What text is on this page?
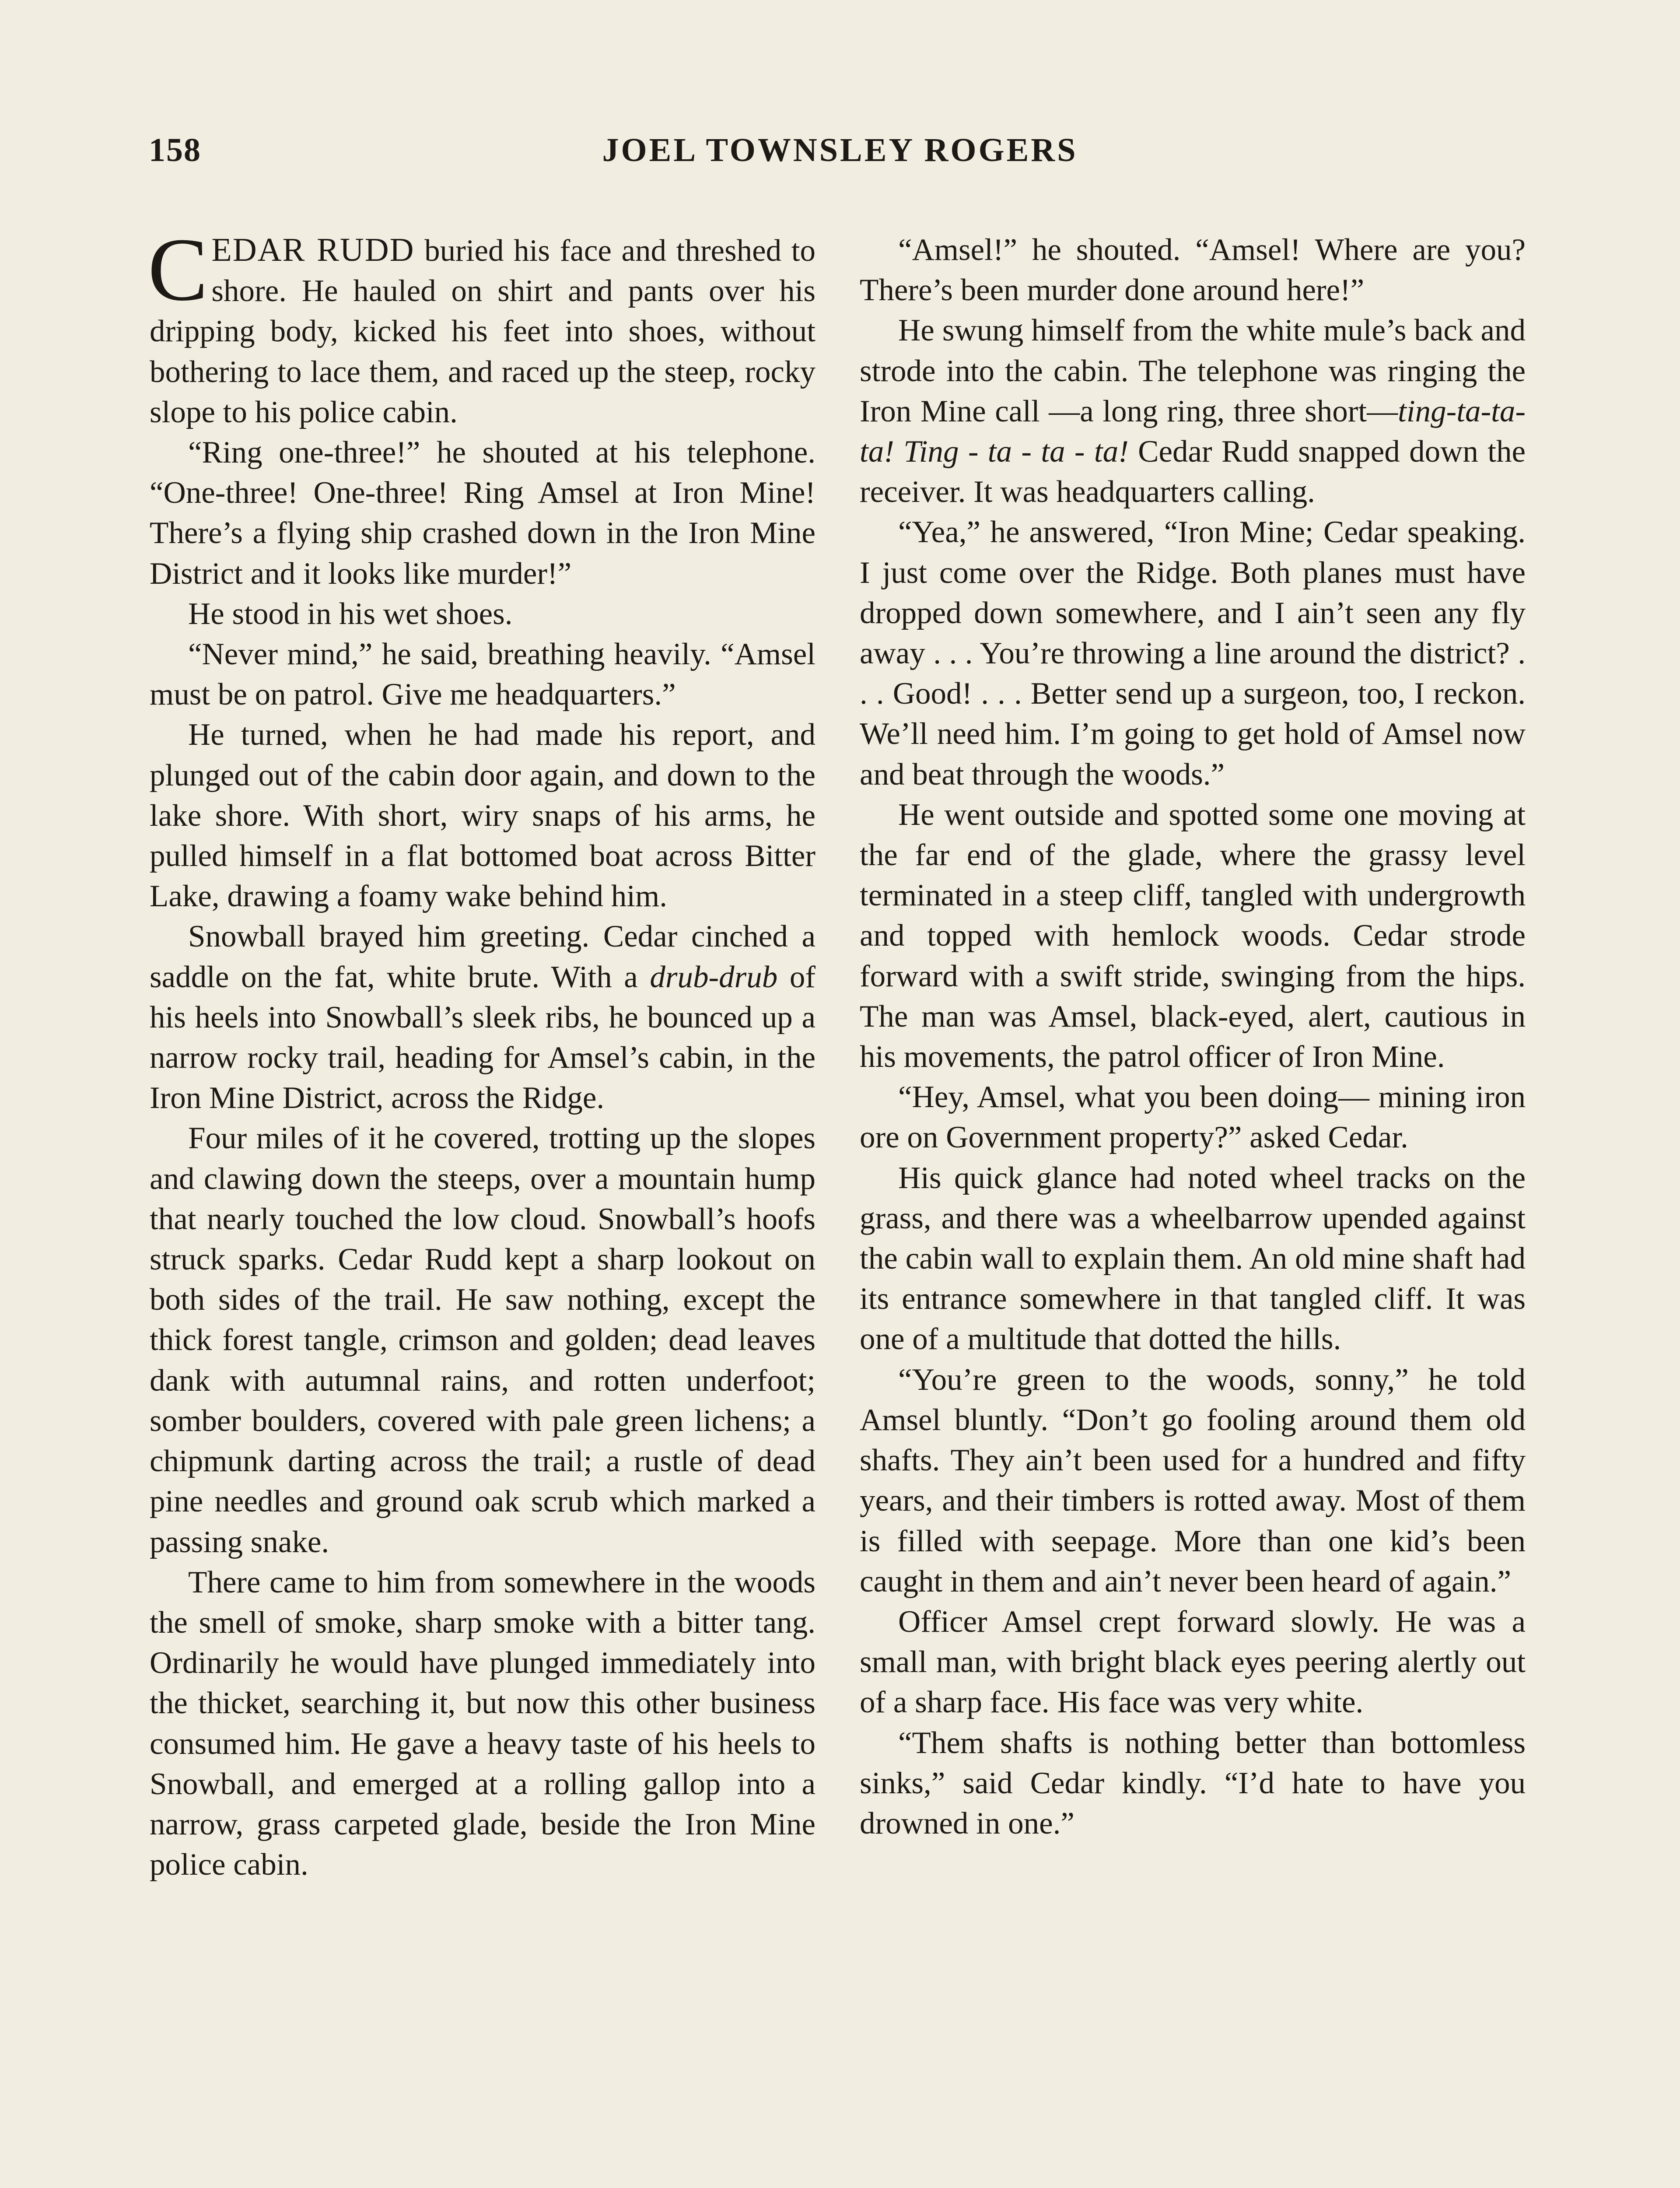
158	JOEL TOWNSLEY ROGERS

CEDAR RUDD buried his face and threshed to shore. He hauled on shirt and pants over his dripping body, kicked his feet into shoes, without bothering to lace them, and raced up the steep, rocky slope to his police cabin.

“Ring one-three!” he shouted at his telephone. “One-three! One-three! Ring Amsel at Iron Mine! There’s a flying ship crashed down in the Iron Mine District and it looks like murder!”

He stood in his wet shoes.

“Never mind,” he said, breathing heavily. “Amsel must be on patrol. Give me headquarters.”

He turned, when he had made his report, and plunged out of the cabin door again, and down to the lake shore. With short, wiry snaps of his arms, he pulled himself in a flat bottomed boat across Bitter Lake, drawing a foamy wake behind him.

Snowball brayed him greeting. Cedar cinched a saddle on the fat, white brute. With a drub-drub of his heels into Snowball’s sleek ribs, he bounced up a narrow rocky trail, heading for Amsel’s cabin, in the Iron Mine District, across the Ridge.

Four miles of it he covered, trotting up the slopes and clawing down the steeps, over a mountain hump that nearly touched the low cloud. Snowball’s hoofs struck sparks. Cedar Rudd kept a sharp lookout on both sides of the trail. He saw nothing, except the thick forest tangle, crimson and golden; dead leaves dank with autumnal rains, and rotten underfoot; somber boulders, covered with pale green lichens; a chipmunk darting across the trail; a rustle of dead pine needles and ground oak scrub which marked a passing snake.

There came to him from somewhere in the woods the smell of smoke, sharp smoke with a bitter tang. Ordinarily he would have plunged immediately into the thicket, searching it, but now this other business consumed him. He gave a heavy taste of his heels to Snowball, and emerged at a rolling gallop into a narrow, grass carpeted glade, beside the Iron Mine police cabin.

“Amsel!” he shouted. “Amsel! Where are you? There’s been murder done around here!”

He swung himself from the white mule’s back and strode into the cabin. The telephone was ringing the Iron Mine call —a long ring, three short—ting-ta-ta-ta! Ting - ta - ta - ta! Cedar Rudd snapped down the receiver. It was headquarters calling.

“Yea,” he answered, “Iron Mine; Cedar speaking. I just come over the Ridge. Both planes must have dropped down somewhere, and I ain’t seen any fly away . . . You’re throwing a line around the district? . . . Good! . . . Better send up a surgeon, too, I reckon. We’ll need him. I’m going to get hold of Amsel now and beat through the woods.”

He went outside and spotted some one moving at the far end of the glade, where the grassy level terminated in a steep cliff, tangled with undergrowth and topped with hemlock woods. Cedar strode forward with a swift stride, swinging from the hips. The man was Amsel, black-eyed, alert, cautious in his movements, the patrol officer of Iron Mine.

“Hey, Amsel, what you been doing— mining iron ore on Government property?” asked Cedar.

His quick glance had noted wheel tracks on the grass, and there was a wheelbarrow upended against the cabin wall to explain them. An old mine shaft had its entrance somewhere in that tangled cliff. It was one of a multitude that dotted the hills.

“You’re green to the woods, sonny,” he told Amsel bluntly. “Don’t go fooling around them old shafts. They ain’t been used for a hundred and fifty years, and their timbers is rotted away. Most of them is filled with seepage. More than one kid’s been caught in them and ain’t never been heard of again.”

Officer Amsel crept forward slowly. He was a small man, with bright black eyes peering alertly out of a sharp face. His face was very white.

“Them shafts is nothing better than bottomless sinks,” said Cedar kindly. “I’d hate to have you drowned in one.”
